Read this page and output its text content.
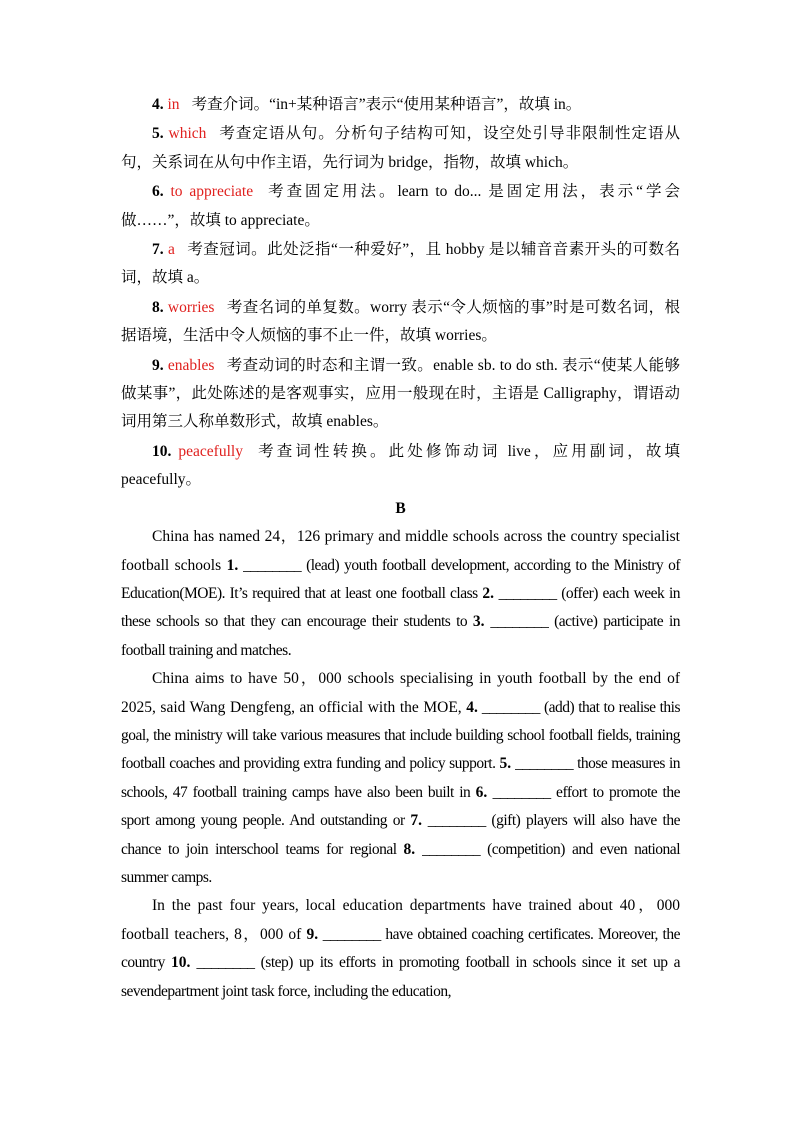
4. in 考查介词。“in+某种语言”表示“使用某种语言”，故填 in。

5. which 考查定语从句。分析句子结构可知，设空处引导非限制性定语从句，关系词在从句中作主语，先行词为 bridge，指物，故填 which。

6. to appreciate 考查固定用法。learn to do... 是固定用法，表示“学会做……”，故填 to appreciate。

7. a 考查冠词。此处泛指“一种爱好”，且 hobby 是以辅音音素开头的可数名词，故填 a。

8. worries 考查名词的单复数。worry 表示“令人烦恼的事”时是可数名词，根据语境，生活中令人烦恼的事不止一件，故填 worries。

9. enables 考查动词的时态和主谓一致。enable sb. to do sth. 表示“使某人能够做某事”，此处陈述的是客观事实，应用一般现在时，主语是 Calligraphy，谓语动词用第三人称单数形式，故填 enables。

10. peacefully 考查词性转换。此处修饰动词 live，应用副词，故填 peacefully。

B

China has named 24，126 primary and middle schools across the country specialist football schools 1. ________ (lead) youth football development, according to the Ministry of Education(MOE). It’s required that at least one football class 2. ________ (offer) each week in these schools so that they can encourage their students to 3. ________ (active) participate in football training and matches.

China aims to have 50，000 schools specialising in youth football by the end of 2025, said Wang Dengfeng, an official with the MOE, 4. ________ (add) that to realise this goal, the ministry will take various measures that include building school football fields, training football coaches and providing extra funding and policy support. 5. ________ those measures in schools, 47 football training camps have also been built in 6. ________ effort to promote the sport among young people. And outstanding or 7. ________ (gift) players will also have the chance to join interschool teams for regional 8. ________ (competition) and even national summer camps.

In the past four years, local education departments have trained about 40，000 football teachers, 8，000 of 9. ________ have obtained coaching certificates. Moreover, the country 10. ________ (step) up its efforts in promoting football in schools since it set up a sevendepartment joint task force, including the education,
